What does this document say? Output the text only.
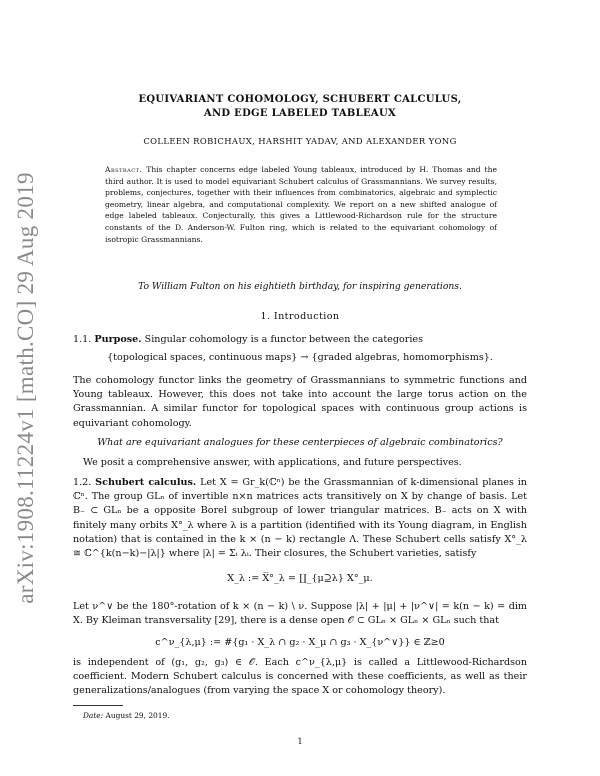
arXiv:1908.11224v1 [math.CO] 29 Aug 2019
EQUIVARIANT COHOMOLOGY, SCHUBERT CALCULUS,
AND EDGE LABELED TABLEAUX
COLLEEN ROBICHAUX, HARSHIT YADAV, AND ALEXANDER YONG
Abstract. This chapter concerns edge labeled Young tableaux, introduced by H. Thomas and the third author. It is used to model equivariant Schubert calculus of Grassmannians. We survey results, problems, conjectures, together with their influences from combinatorics, algebraic and symplectic geometry, linear algebra, and computational complexity. We report on a new shifted analogue of edge labeled tableaux. Conjecturally, this gives a Littlewood-Richardson rule for the structure constants of the D. Anderson-W. Fulton ring, which is related to the equivariant cohomology of isotropic Grassmannians.
To William Fulton on his eightieth birthday, for inspiring generations.
1. Introduction
1.1. Purpose. Singular cohomology is a functor between the categories
{topological spaces, continuous maps} → {graded algebras, homomorphisms}.
The cohomology functor links the geometry of Grassmannians to symmetric functions and Young tableaux. However, this does not take into account the large torus action on the Grassmannian. A similar functor for topological spaces with continuous group actions is equivariant cohomology.
What are equivariant analogues for these centerpieces of algebraic combinatorics?
We posit a comprehensive answer, with applications, and future perspectives.
1.2. Schubert calculus. Let X = Gr_k(ℂⁿ) be the Grassmannian of k-dimensional planes in ℂⁿ. The group GLₙ of invertible n×n matrices acts transitively on X by change of basis. Let B₋ ⊂ GLₙ be a opposite Borel subgroup of lower triangular matrices. B₋ acts on X with finitely many orbits X°_λ where λ is a partition (identified with its Young diagram, in English notation) that is contained in the k × (n − k) rectangle Λ. These Schubert cells satisfy X°_λ ≅ ℂ^{k(n−k)−|λ|} where |λ| = Σᵢ λᵢ. Their closures, the Schubert varieties, satisfy
X_λ := X̅°_λ = ∐_{μ⊇λ} X°_μ.
Let ν^∨ be the 180°-rotation of k × (n − k) \ ν. Suppose |λ| + |μ| + |ν^∨| = k(n − k) = dim X. By Kleiman transversality [29], there is a dense open 𝒪 ⊂ GLₙ × GLₙ × GLₙ such that
c^ν_{λ,μ} := #{g₁ · X_λ ∩ g₂ · X_μ ∩ g₃ · X_{ν^∨}} ∈ ℤ≥0
is independent of (g₁, g₂, g₃) ∈ 𝒪. Each c^ν_{λ,μ} is called a Littlewood-Richardson coefficient. Modern Schubert calculus is concerned with these coefficients, as well as their generalizations/analogues (from varying the space X or cohomology theory).
Date: August 29, 2019.
1
